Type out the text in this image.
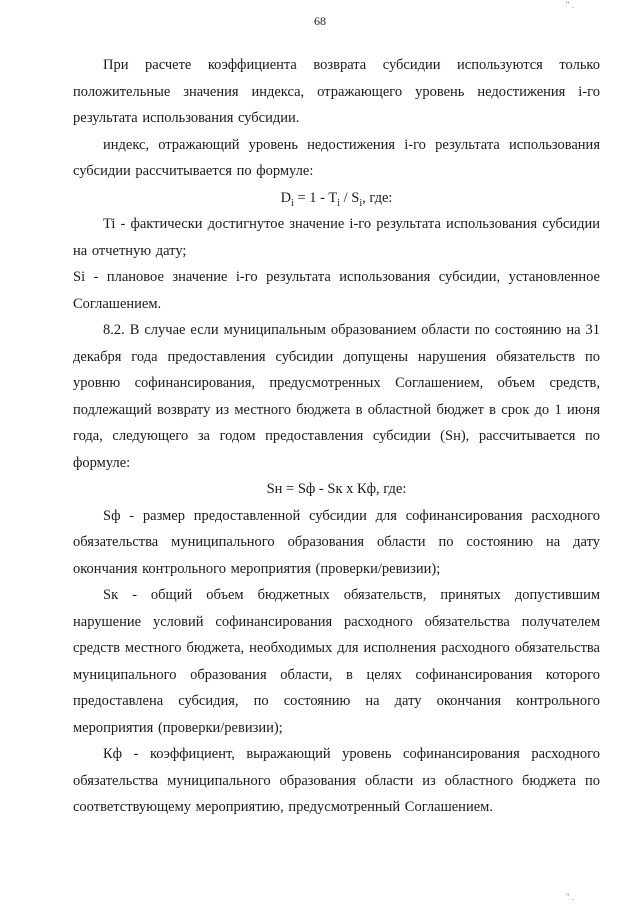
68
" .
" .

При расчете коэффициента возврата субсидии используются только положительные значения индекса, отражающего уровень недостижения i-го результата использования субсидии.

индекс, отражающий уровень недостижения i-го результата использования субсидии рассчитывается по формуле:

$D_i = 1 - T_i / S_i$, где:

Ti - фактически достигнутое значение i-го результата использования субсидии на отчетную дату;

Si - плановое значение i-го результата использования субсидии, установленное Соглашением.

8.2. В случае если муниципальным образованием области по состоянию на 31 декабря года предоставления субсидии допущены нарушения обязательств по уровню софинансирования, предусмотренных Соглашением, объем средств, подлежащий возврату из местного бюджета в областной бюджет в срок до 1 июня года, следующего за годом предоставления субсидии (Sн), рассчитывается по формуле:

Sн = Sф - Sк х Кф, где:

Sф - размер предоставленной субсидии для софинансирования расходного обязательства муниципального образования области по состоянию на дату окончания контрольного мероприятия (проверки/ревизии);

Sк - общий объем бюджетных обязательств, принятых допустившим нарушение условий софинансирования расходного обязательства получателем средств местного бюджета, необходимых для исполнения расходного обязательства муниципального образования области, в целях софинансирования которого предоставлена субсидия, по состоянию на дату окончания контрольного мероприятия (проверки/ревизии);

Кф - коэффициент, выражающий уровень софинансирования расходного обязательства муниципального образования области из областного бюджета по соответствующему мероприятию, предусмотренный Соглашением.
